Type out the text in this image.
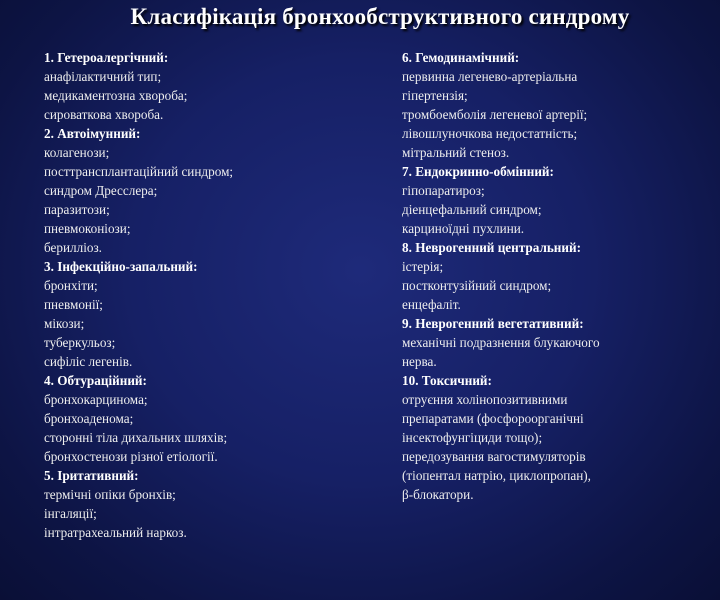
Класифікація бронхообструктивного синдрому
1. Гетероалергічний:
анафілактичний тип;
медикаментозна хвороба;
сироваткова хвороба.
2. Автоімунний:
колагенози;
посттрансплантаційний синдром;
синдром Дресслера;
паразитози;
пневмоконіози;
берилліоз.
3. Інфекційно-запальний:
бронхіти;
пневмонії;
мікози;
туберкульоз;
сифіліс легенів.
4. Обтураційний:
бронхокарцинома;
бронхоаденома;
сторонні тіла дихальних шляхів;
бронхостенози різної етіології.
5. Іритативний:
термічні опіки бронхів;
інгаляції;
інтратрахеальний наркоз.
6. Гемодинамічний:
первинна легенево-артеріальна
гіпертензія;
тромбоемболія легеневої артерії;
лівошлуночкова недостатність;
мітральний стеноз.
7. Ендокринно-обмінний:
гіпопаратироз;
діенцефальний синдром;
карциноїдні пухлини.
8. Неврогенний центральний:
істерія;
постконтузійний синдром;
енцефаліт.
9. Неврогенний вегетативний:
механічні подразнення блукаючого
нерва.
10. Токсичний:
отруєння холінопозитивними
препаратами (фосфороорганічні
інсектофунгіциди тощо);
передозування вагостимуляторів
(тіопентал натрію, циклопропан),
β-блокатори.
